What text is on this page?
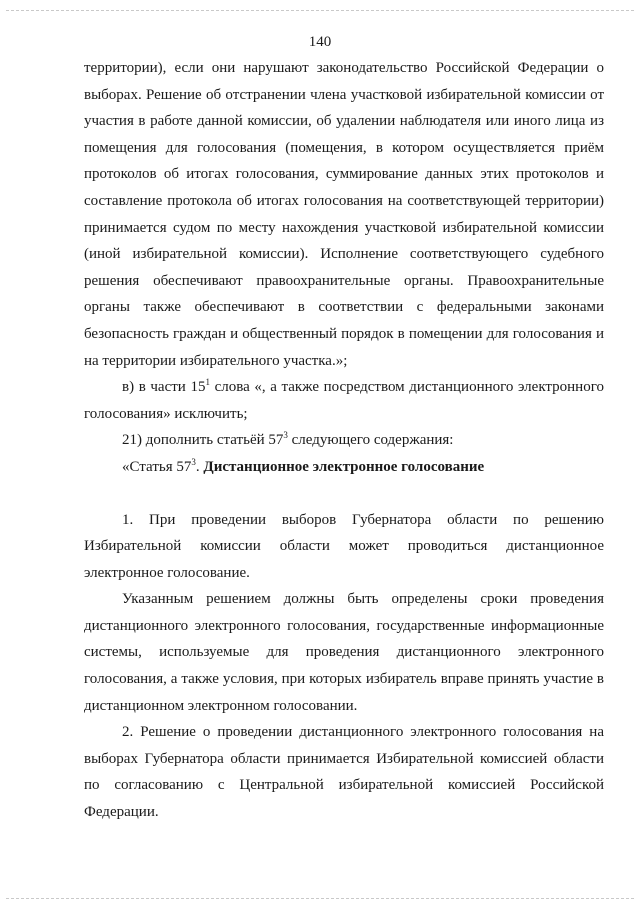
140

территории), если они нарушают законодательство Российской Федерации о выборах. Решение об отстранении члена участковой избирательной комиссии от участия в работе данной комиссии, об удалении наблюдателя или иного лица из помещения для голосования (помещения, в котором осуществляется приём протоколов об итогах голосования, суммирование данных этих протоколов и составление протокола об итогах голосования на соответствующей территории) принимается судом по месту нахождения участковой избирательной комиссии (иной избирательной комиссии). Исполнение соответствующего судебного решения обеспечивают правоохранительные органы. Правоохранительные органы также обеспечивают в соответствии с федеральными законами безопасность граждан и общественный порядок в помещении для голосования и на территории избирательного участка.»;

в) в части $15^1$ слова «, а также посредством дистанционного электронного голосования» исключить;

21) дополнить статьёй $57^3$ следующего содержания:

«Статья $57^3$. Дистанционное электронное голосование

1. При проведении выборов Губернатора области по решению Избирательной комиссии области может проводиться дистанционное электронное голосование.

Указанным решением должны быть определены сроки проведения дистанционного электронного голосования, государственные информационные системы, используемые для проведения дистанционного электронного голосования, а также условия, при которых избиратель вправе принять участие в дистанционном электронном голосовании.

2. Решение о проведении дистанционного электронного голосования на выборах Губернатора области принимается Избирательной комиссией области по согласованию с Центральной избирательной комиссией Российской Федерации.
